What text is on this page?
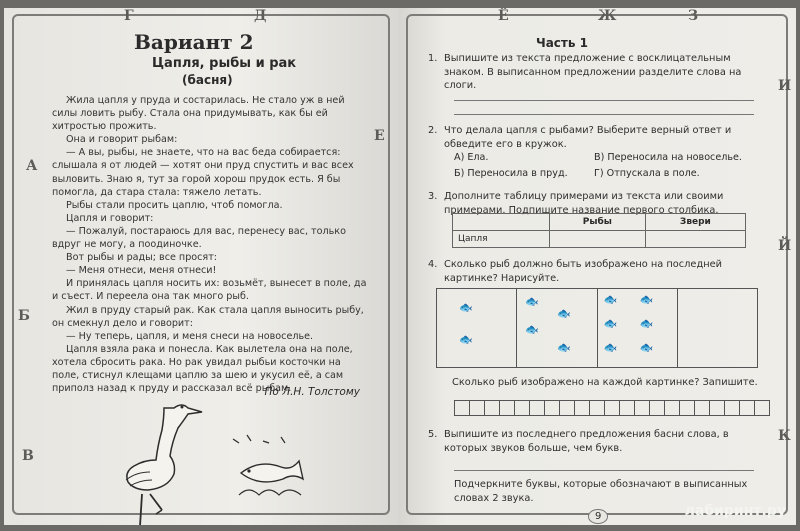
А
Б
В
Г	Д
Е
Вариант 2
Цапля, рыбы и рак
(басня)

Жила цапля у пруда и состарилась. Не стало уж в ней силы ловить рыбу. Стала она придумывать, как бы ей хитростью прожить.

Она и говорит рыбам:

— А вы, рыбы, не знаете, что на вас беда собирается: слышала я от людей — хотят они пруд спустить и вас всех выловить. Знаю я, тут за горой хорош прудок есть. Я бы помогла, да стара стала: тяжело летать.

Рыбы стали просить цаплю, чтоб помогла.

Цапля и говорит:

— Пожалуй, постараюсь для вас, перенесу вас, только вдруг не могу, а поодиночке.

Вот рыбы и рады; все просят:

— Меня отнеси, меня отнеси!

И принялась цапля носить их: возьмёт, вынесет в поле, да и съест. И переела она так много рыб.

Жил в пруду старый рак. Как стала цапля выносить рыбу, он смекнул дело и говорит:

— Ну теперь, цапля, и меня снеси на новоселье.

Цапля взяла рака и понесла. Как вылетела она на поле, хотела сбросить рака. Но рак увидал рыбьи косточки на поле, стиснул клещами цаплю за шею и укусил её, а сам приполз назад к пруду и рассказал всё рыбам.

По Л.Н. Толстому
Ё	Ж	З
И
Й
К
Часть 1
1. Выпишите из текста предложение с восклицательным знаком. В выписанном предложении разделите слова на слоги.
2. Что делала цапля с рыбами? Выберите верный ответ и обведите его в кружок.
А) Ела.	В) Переносила на новоселье.
Б) Переносила в пруд.	Г) Отпускала в поле.
3. Дополните таблицу примерами из текста или своими примерами. Подпишите название первого столбика.
	Рыбы	Звери
Цапля		
4. Сколько рыб должно быть изображено на последней картинке? Нарисуйте.
🐟
🐟
🐟
🐟
🐟
🐟
🐟 🐟
🐟 🐟
🐟 🐟
Сколько рыб изображено на каждой картинке? Запишите.
5. Выпишите из последнего предложения басни слова, в которых звуков больше, чем букв.
Подчеркните буквы, которые обозначают в выписанных словах 2 звука.
9	лабиринт.ру
